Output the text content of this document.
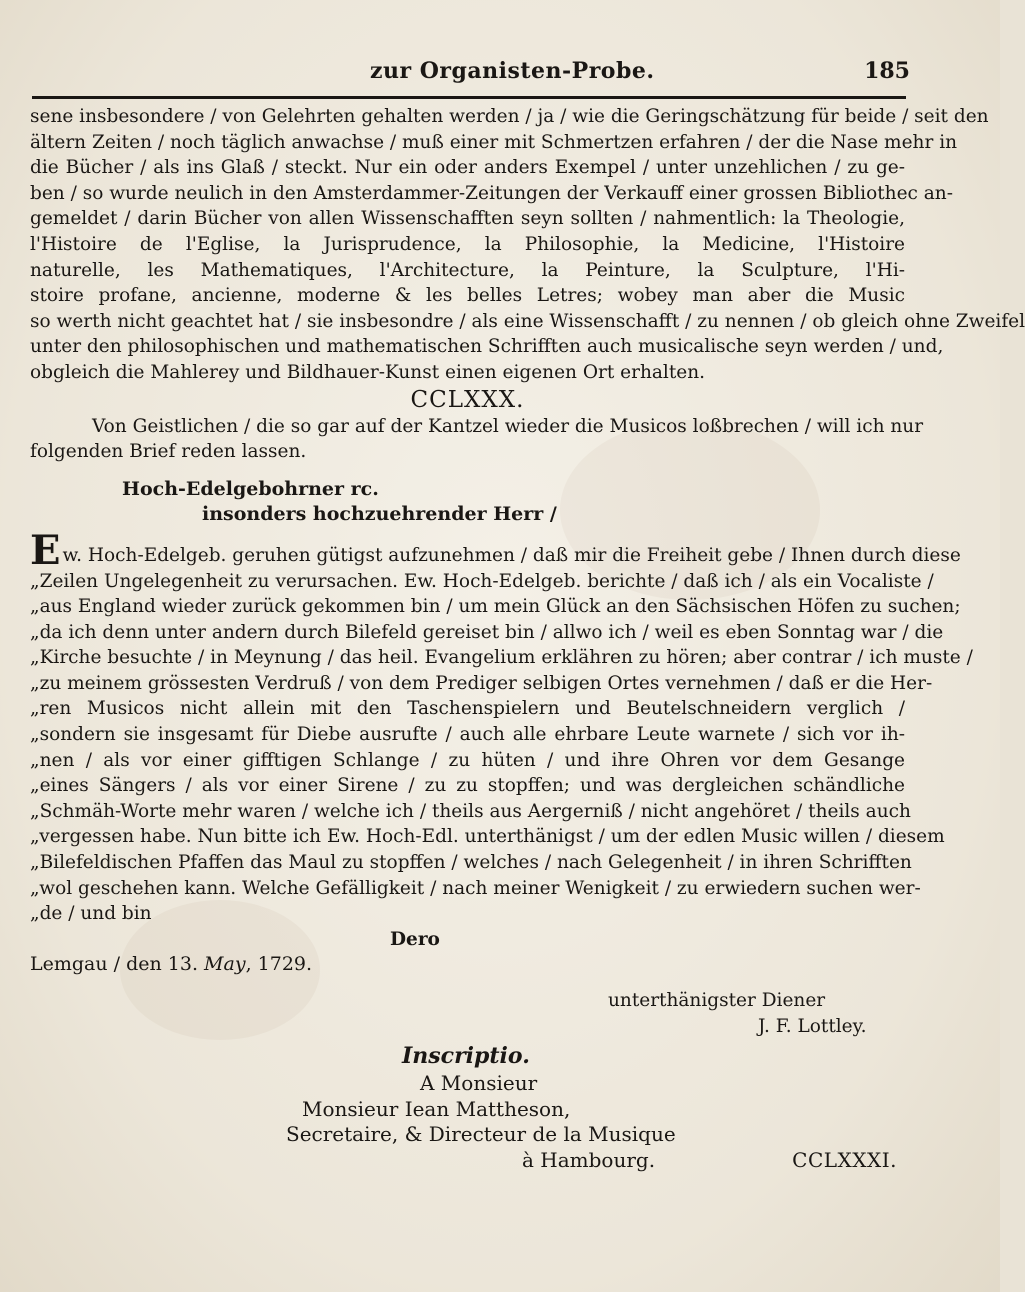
zur Organisten-Probe.	185
sene insbesondere / von Gelehrten gehalten werden / ja / wie die Geringschätzung für beide / seit den
ältern Zeiten / noch täglich anwachse / muß einer mit Schmertzen erfahren / der die Nase mehr in
die Bücher / als ins Glaß / steckt. Nur ein oder anders Exempel / unter unzehlichen / zu ge-
ben / so wurde neulich in den Amsterdammer-Zeitungen der Verkauff einer grossen Bibliothec an-
gemeldet / darin Bücher von allen Wissenschafften seyn sollten / nahmentlich: la Theologie,
l'Histoire de l'Eglise, la Jurisprudence, la Philosophie, la Medicine, l'Histoire
naturelle, les Mathematiques, l'Architecture, la Peinture, la Sculpture, l'Hi-
stoire profane, ancienne, moderne & les belles Letres; wobey man aber die Music
so werth nicht geachtet hat / sie insbesondre / als eine Wissenschafft / zu nennen / ob gleich ohne Zweifel
unter den philosophischen und mathematischen Schrifften auch musicalische seyn werden / und,
obgleich die Mahlerey und Bildhauer-Kunst einen eigenen Ort erhalten.
CCLXXX.
Von Geistlichen / die so gar auf der Kantzel wieder die Musicos loßbrechen / will ich nur
folgenden Brief reden lassen.
Hoch-Edelgebohrner rc.
insonders hochzuehrender Herr /
Ew. Hoch-Edelgeb. geruhen gütigst aufzunehmen / daß mir die Freiheit gebe / Ihnen durch diese
„Zeilen Ungelegenheit zu verursachen. Ew. Hoch-Edelgeb. berichte / daß ich / als ein Vocaliste /
„aus England wieder zurück gekommen bin / um mein Glück an den Sächsischen Höfen zu suchen;
„da ich denn unter andern durch Bilefeld gereiset bin / allwo ich / weil es eben Sonntag war / die
„Kirche besuchte / in Meynung / das heil. Evangelium erklähren zu hören; aber contrar / ich muste /
„zu meinem grössesten Verdruß / von dem Prediger selbigen Ortes vernehmen / daß er die Her-
„ren Musicos nicht allein mit den Taschenspielern und Beutelschneidern verglich /
„sondern sie insgesamt für Diebe ausrufte / auch alle ehrbare Leute warnete / sich vor ih-
„nen / als vor einer gifftigen Schlange / zu hüten / und ihre Ohren vor dem Gesange
„eines Sängers / als vor einer Sirene / zu zu stopffen; und was dergleichen schändliche
„Schmäh-Worte mehr waren / welche ich / theils aus Aergerniß / nicht angehöret / theils auch
„vergessen habe. Nun bitte ich Ew. Hoch-Edl. unterthänigst / um der edlen Music willen / diesem
„Bilefeldischen Pfaffen das Maul zu stopffen / welches / nach Gelegenheit / in ihren Schrifften
„wol geschehen kann. Welche Gefälligkeit / nach meiner Wenigkeit / zu erwiedern suchen wer-
„de / und bin
Dero
Lemgau / den 13. May, 1729.
unterthänigster Diener
J. F. Lottley.
Inscriptio.
A Monsieur
Monsieur Iean Mattheson,
Secretaire, & Directeur de la Musique
à Hambourg.	CCLXXXI.
